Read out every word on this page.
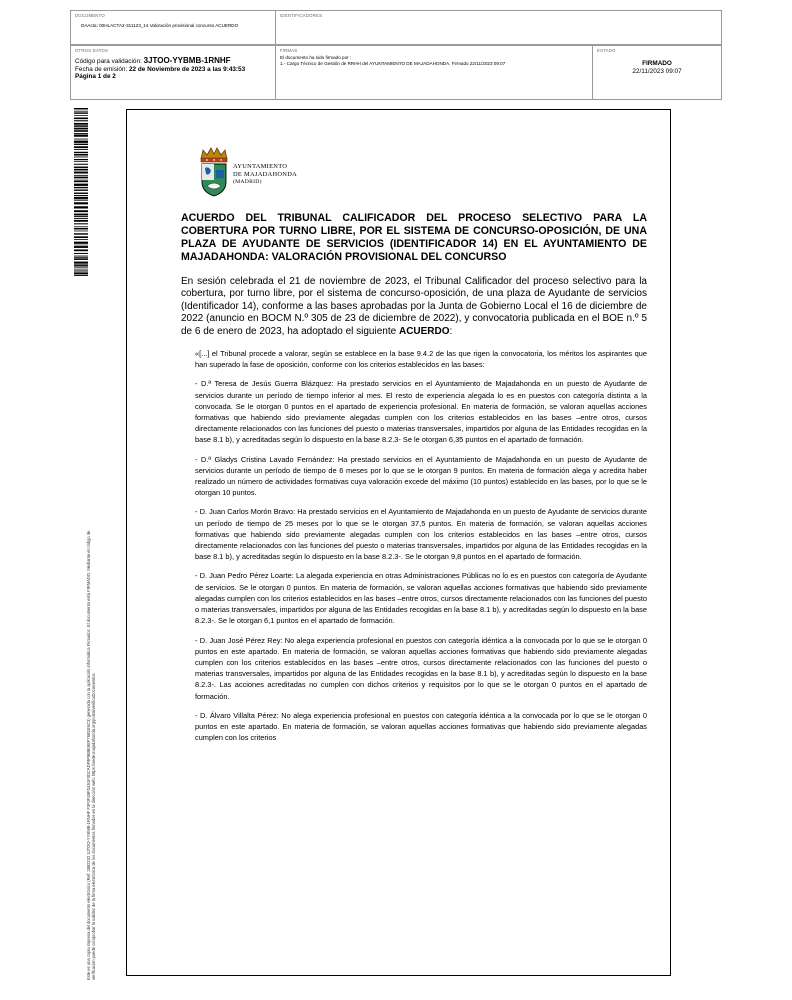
DOCUMENTO
DAActa: 00HLACTA2-311123_14 Valoración provisional concurso ACUERDO
IDENTIFICADORES
OTROS DATOS
Código para validación: 3JTOO-YYBMB-1RNHF
Fecha de emisión: 22 de Noviembre de 2023 a las 9:43:53
Página 1 de 2
FIRMAS
El documento ha sido firmado por :
1.- Cargo Técnico de Gestión de RRHH del AYUNTAMIENTO DE MAJADAHONDA. Firmado 22/11/2023 09:07
ESTADO
FIRMADO
22/11/2023 09:07
Este es una copia impresa del documento electrónico (Ref: 2882232 3JTOO-YYBMB-1RNHF F3F0F49FD451F0DCADF9F9B9E8EF76B1E5C3) generada con la aplicación informática Firmadoc. El documento está FIRMADO. Mediante el código de verificación puede comprobar la validez de la firma electrónica de los documentos firmados en la dirección web: https://sede.majadahonda.org/portal/verificaDocumentos
AYUNTAMIENTO
DE MAJADAHONDA
(MADRID)

ACUERDO DEL TRIBUNAL CALIFICADOR DEL PROCESO SELECTIVO PARA LA COBERTURA POR TURNO LIBRE, POR EL SISTEMA DE CONCURSO-OPOSICIÓN, DE UNA PLAZA DE AYUDANTE DE SERVICIOS (IDENTIFICADOR 14) EN EL AYUNTAMIENTO DE MAJADAHONDA: VALORACIÓN PROVISIONAL DEL CONCURSO

En sesión celebrada el 21 de noviembre de 2023, el Tribunal Calificador del proceso selectivo para la cobertura, por turno libre, por el sistema de concurso-oposición, de una plaza de Ayudante de servicios (Identificador 14), conforme a las bases aprobadas por la Junta de Gobierno Local el 16 de diciembre de 2022 (anuncio en BOCM N.º 305 de 23 de diciembre de 2022), y convocatoria publicada en el BOE n.º 5 de 6 de enero de 2023, ha adoptado el siguiente ACUERDO:

«[...] el Tribunal procede a valorar, según se establece en la base 9.4.2 de las que rigen la convocatoria, los méritos los aspirantes que han superado la fase de oposición, conforme con los criterios establecidos en las bases:

- D.ª Teresa de Jesús Guerra Blázquez: Ha prestado servicios en el Ayuntamiento de Majadahonda en un puesto de Ayudante de servicios durante un período de tiempo inferior al mes. El resto de experiencia alegada lo es en puestos con categoría distinta a la convocada. Se le otorgan 0 puntos en el apartado de experiencia profesional. En materia de formación, se valoran aquellas acciones formativas que habiendo sido previamente alegadas cumplen con los criterios establecidos en las bases –entre otros, cursos directamente relacionados con las funciones del puesto o materias transversales, impartidos por alguna de las Entidades recogidas en la base 8.1 b), y acreditadas según lo dispuesto en la base 8.2.3- Se le otorgan 6,35 puntos en el apartado de formación.

- D.ª Gladys Cristina Lavado Fernández: Ha prestado servicios en el Ayuntamiento de Majadahonda en un puesto de Ayudante de servicios durante un período de tiempo de 6 meses por lo que se le otorgan 9 puntos. En materia de formación alega y acredita haber realizado un número de actividades formativas cuya valoración excede del máximo (10 puntos) establecido en las bases, por lo que se le otorgan 10 puntos.

- D. Juan Carlos Morón Bravo: Ha prestado servicios en el Ayuntamiento de Majadahonda en un puesto de Ayudante de servicios durante un período de tiempo de 25 meses por lo que se le otorgan 37,5 puntos. En materia de formación, se valoran aquellas acciones formativas que habiendo sido previamente alegadas cumplen con los criterios establecidos en las bases –entre otros, cursos directamente relacionados con las funciones del puesto o materias transversales, impartidos por alguna de las Entidades recogidas en la base 8.1 b), y acreditadas según lo dispuesto en la base 8.2.3-. Se le otorgan 9,8 puntos en el apartado de formación.

- D. Juan Pedro Pérez Loarte: La alegada experiencia en otras Administraciones Públicas no lo es en puestos con categoría de Ayudante de servicios. Se le otorgan 0 puntos. En materia de formación, se valoran aquellas acciones formativas que habiendo sido previamente alegadas cumplen con los criterios establecidos en las bases –entre otros, cursos directamente relacionados con las funciones del puesto o materias transversales, impartidos por alguna de las Entidades recogidas en la base 8.1 b), y acreditadas según lo dispuesto en la base 8.2.3-. Se le otorgan 6,1 puntos en el apartado de formación.

- D. Juan José Pérez Rey: No alega experiencia profesional en puestos con categoría idéntica a la convocada por lo que se le otorgan 0 puntos en este apartado. En materia de formación, se valoran aquellas acciones formativas que habiendo sido previamente alegadas cumplen con los criterios establecidos en las bases –entre otros, cursos directamente relacionados con las funciones del puesto o materias transversales, impartidos por alguna de las Entidades recogidas en la base 8.1 b), y acreditadas según lo dispuesto en la base 8.2.3-. Las acciones acreditadas no cumplen con dichos criterios y requisitos por lo que se le otorgan 0 puntos en el apartado de formación.

- D. Álvaro Villalta Pérez: No alega experiencia profesional en puestos con categoría idéntica a la convocada por lo que se le otorgan 0 puntos en este apartado. En materia de formación, se valoran aquellas acciones formativas que habiendo sido previamente alegadas cumplen con los criterios
